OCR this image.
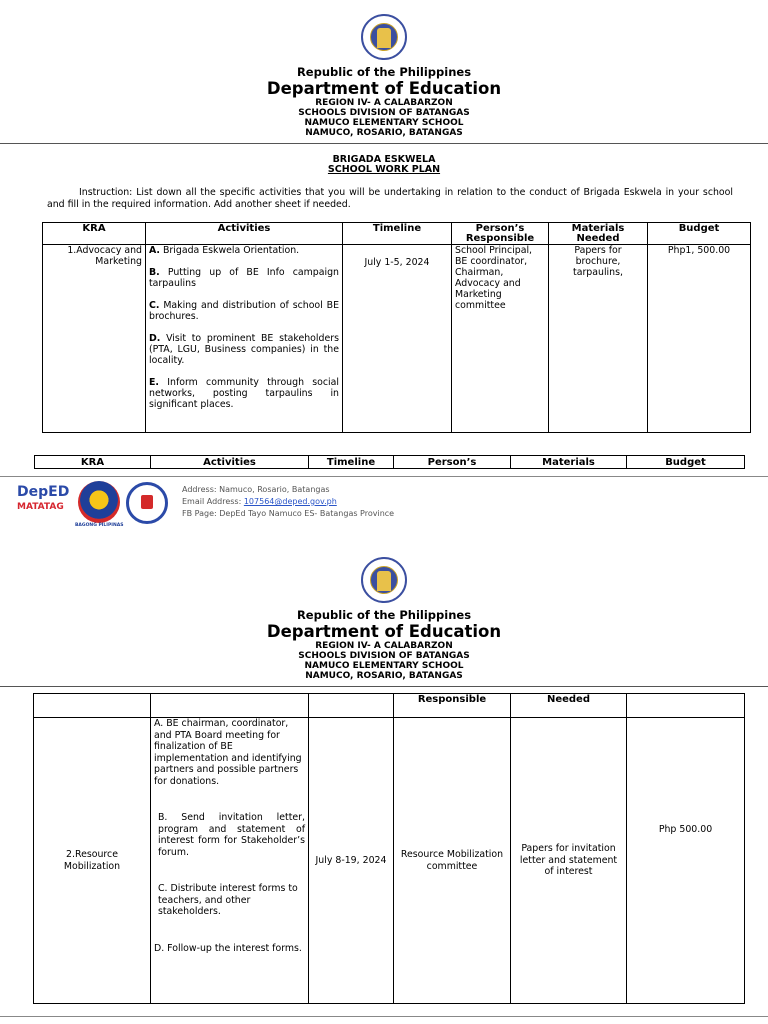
Republic of the Philippines
Department of Education
REGION IV- A CALABARZON
SCHOOLS DIVISION OF BATANGAS
NAMUCO ELEMENTARY SCHOOL
NAMUCO, ROSARIO, BATANGAS
BRIGADA ESKWELA
SCHOOL WORK PLAN
Instruction: List down all the specific activities that you will be undertaking in relation to the conduct of Brigada Eskwela in your school and fill in the required information. Add another sheet if needed.
KRA	Activities	Timeline	Person’s Responsible	Materials Needed	Budget
1.Advocacy and Marketing	A. Brigada Eskwela Orientation.

B. Putting up of BE Info campaign tarpaulins

C. Making and distribution of school BE brochures.

D. Visit to prominent BE stakeholders (PTA, LGU, Business companies) in the locality.

E. Inform community through social networks, posting tarpaulins in significant places.	July 1-5, 2024	School Principal, BE coordinator, Chairman, Advocacy and Marketing committee	Papers for brochure, tarpaulins,	Php1, 500.00
KRA	Activities	Timeline	Person’s	Materials	Budget
DepED
MATATAG
BAGONG PILIPINAS
Address: Namuco, Rosario, Batangas
Email Address: 107564@deped.gov.ph
FB Page: DepEd Tayo Namuco ES- Batangas Province
Republic of the Philippines
Department of Education
REGION IV- A CALABARZON
SCHOOLS DIVISION OF BATANGAS
NAMUCO ELEMENTARY SCHOOL
NAMUCO, ROSARIO, BATANGAS
			Responsible	Needed	
2.Resource Mobilization	A. BE chairman, coordinator, and PTA Board meeting for finalization of BE implementation and identifying partners and possible partners for donations.
B. Send invitation letter, program and statement of interest form for Stakeholder’s forum.
C. Distribute interest forms to teachers, and other stakeholders.
D. Follow-up the interest forms.	July 8-19, 2024	Resource Mobilization committee	Papers for invitation letter and statement of interest	Php 500.00
